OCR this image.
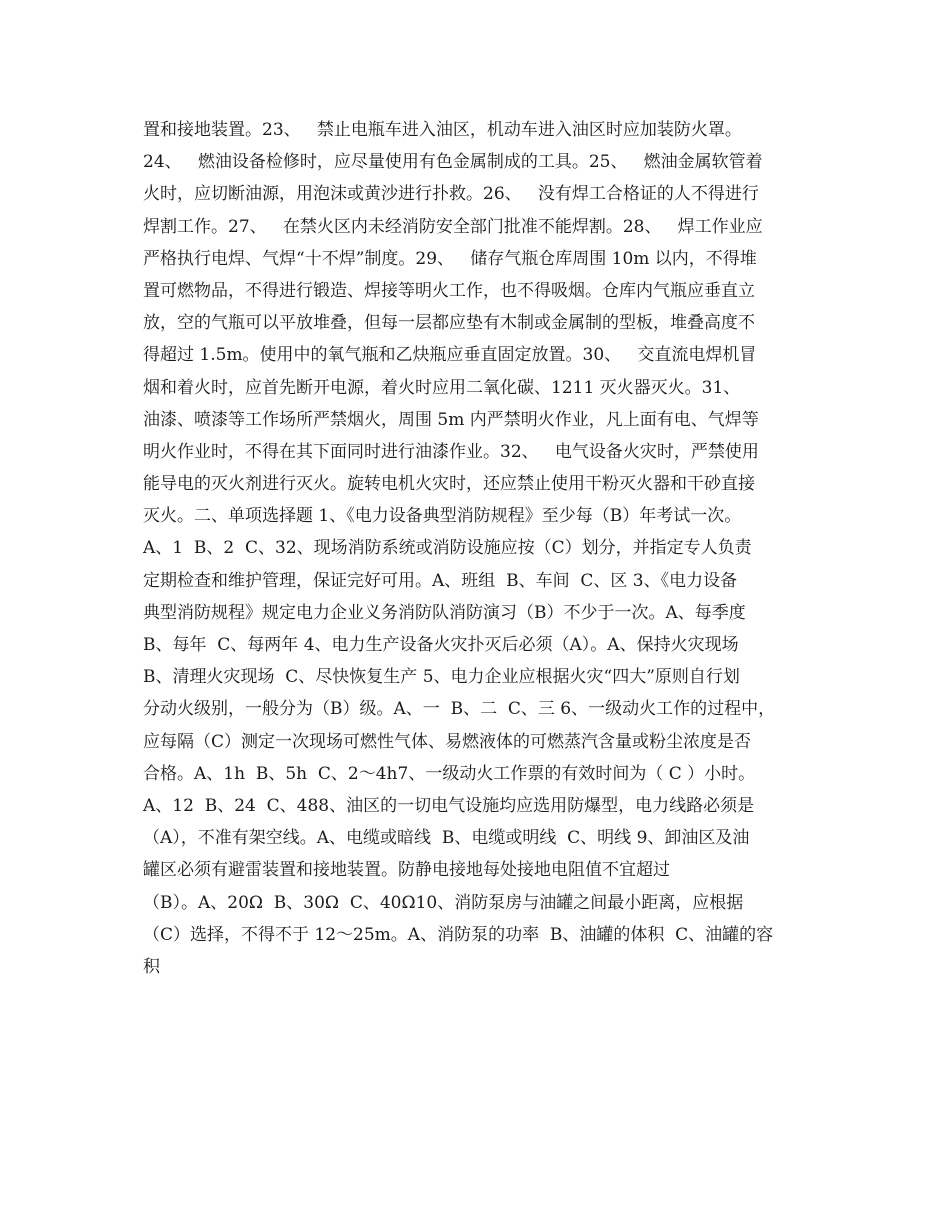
置和接地装置。23、   禁止电瓶车进入油区，机动车进入油区时应加装防火罩。
24、   燃油设备检修时，应尽量使用有色金属制成的工具。25、   燃油金属软管着
火时，应切断油源，用泡沫或黄沙进行扑救。26、   没有焊工合格证的人不得进行
焊割工作。27、   在禁火区内未经消防安全部门批准不能焊割。28、   焊工作业应
严格执行电焊、气焊“十不焊”制度。29、   储存气瓶仓库周围 10m 以内，不得堆
置可燃物品，不得进行锻造、焊接等明火工作，也不得吸烟。仓库内气瓶应垂直立
放，空的气瓶可以平放堆叠，但每一层都应垫有木制或金属制的型板，堆叠高度不
得超过 1.5m。使用中的氧气瓶和乙炔瓶应垂直固定放置。30、   交直流电焊机冒
烟和着火时，应首先断开电源，着火时应用二氧化碳、1211 灭火器灭火。31、
油漆、喷漆等工作场所严禁烟火，周围 5m 内严禁明火作业，凡上面有电、气焊等
明火作业时，不得在其下面同时进行油漆作业。32、   电气设备火灾时，严禁使用
能导电的灭火剂进行灭火。旋转电机火灾时，还应禁止使用干粉灭火器和干砂直接
灭火。二、单项选择题 1、《电力设备典型消防规程》至少每（B）年考试一次。
A、1  B、2  C、32、现场消防系统或消防设施应按（C）划分，并指定专人负责
定期检查和维护管理，保证完好可用。A、班组  B、车间  C、区 3、《电力设备
典型消防规程》规定电力企业义务消防队消防演习（B）不少于一次。A、每季度
B、每年  C、每两年 4、电力生产设备火灾扑灭后必须（A）。A、保持火灾现场
B、清理火灾现场  C、尽快恢复生产 5、电力企业应根据火灾“四大”原则自行划
分动火级别，一般分为（B）级。A、一  B、二  C、三 6、一级动火工作的过程中，
应每隔（C）测定一次现场可燃性气体、易燃液体的可燃蒸汽含量或粉尘浓度是否
合格。A、1h  B、5h  C、2～4h7、一级动火工作票的有效时间为（ C ）小时。
A、12  B、24  C、488、油区的一切电气设施均应选用防爆型，电力线路必须是
（A），不准有架空线。A、电缆或暗线  B、电缆或明线  C、明线 9、卸油区及油
罐区必须有避雷装置和接地装置。防静电接地每处接地电阻值不宜超过
（B）。A、20Ω  B、30Ω  C、40Ω10、消防泵房与油罐之间最小距离，应根据
（C）选择，不得不于 12～25m。A、消防泵的功率  B、油罐的体积  C、油罐的容
积
